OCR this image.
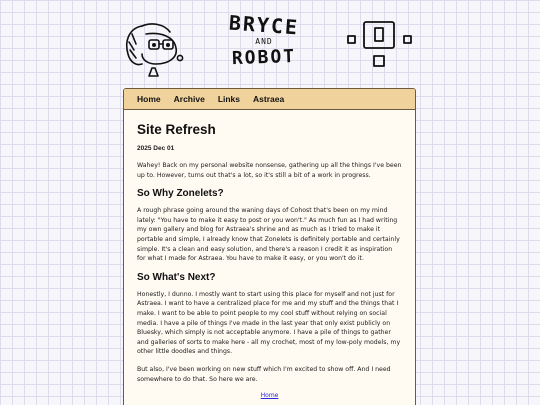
BRYCE
AND
ROBOT
Home Archive Links Astraea
Site Refresh
2025 Dec 01

Wahey! Back on my personal website nonsense, gathering up all the things I've been up to. However, turns out that's a lot, so it's still a bit of a work in progress.

So Why Zonelets?

A rough phrase going around the waning days of Cohost that's been on my mind lately: "You have to make it easy to post or you won't." As much fun as I had writing my own gallery and blog for Astraea's shrine and as much as I tried to make it portable and simple, I already know that Zonelets is definitely portable and certainly simple. It's a clean and easy solution, and there's a reason I credit it as inspiration for what I made for Astraea. You have to make it easy, or you won't do it.

So What's Next?

Honestly, I dunno. I mostly want to start using this place for myself and not just for Astraea. I want to have a centralized place for me and my stuff and the things that I make. I want to be able to point people to my cool stuff without relying on social media. I have a pile of things I've made in the last year that only exist publicly on Bluesky, which simply is not acceptable anymore. I have a pile of things to gather and galleries of sorts to make here - all my crochet, most of my low-poly models, my other little doodles and things.

But also, I've been working on new stuff which I'm excited to show off. And I need somewhere to do that. So here we are.

Home
